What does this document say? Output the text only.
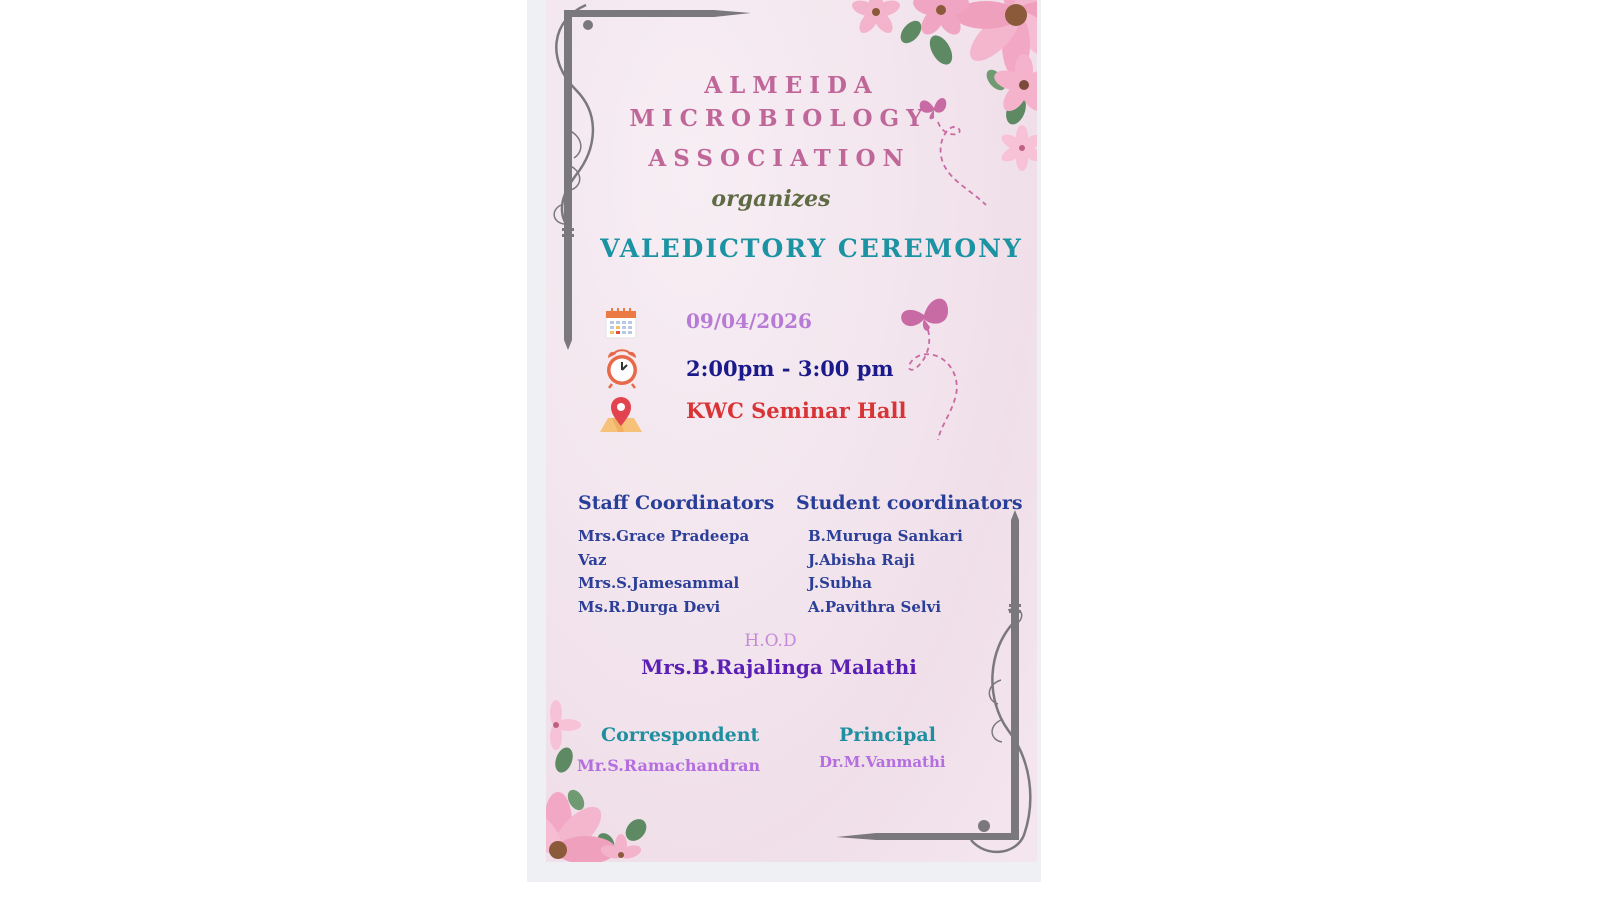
ALMEIDA
MICROBIOLOGY
ASSOCIATION
organizes
VALEDICTORY CEREMONY
09/04/2026
2:00pm - 3:00 pm
KWC Seminar Hall
Staff Coordinators Student coordinators
Mrs.Grace Pradeepa
Vaz
Mrs.S.Jamesammal
Ms.R.Durga Devi
B.Muruga Sankari
J.Abisha Raji
J.Subha
A.Pavithra Selvi
H.O.D
Mrs.B.Rajalinga Malathi
Correspondent
Mr.S.Ramachandran
Principal
Dr.M.Vanmathi
